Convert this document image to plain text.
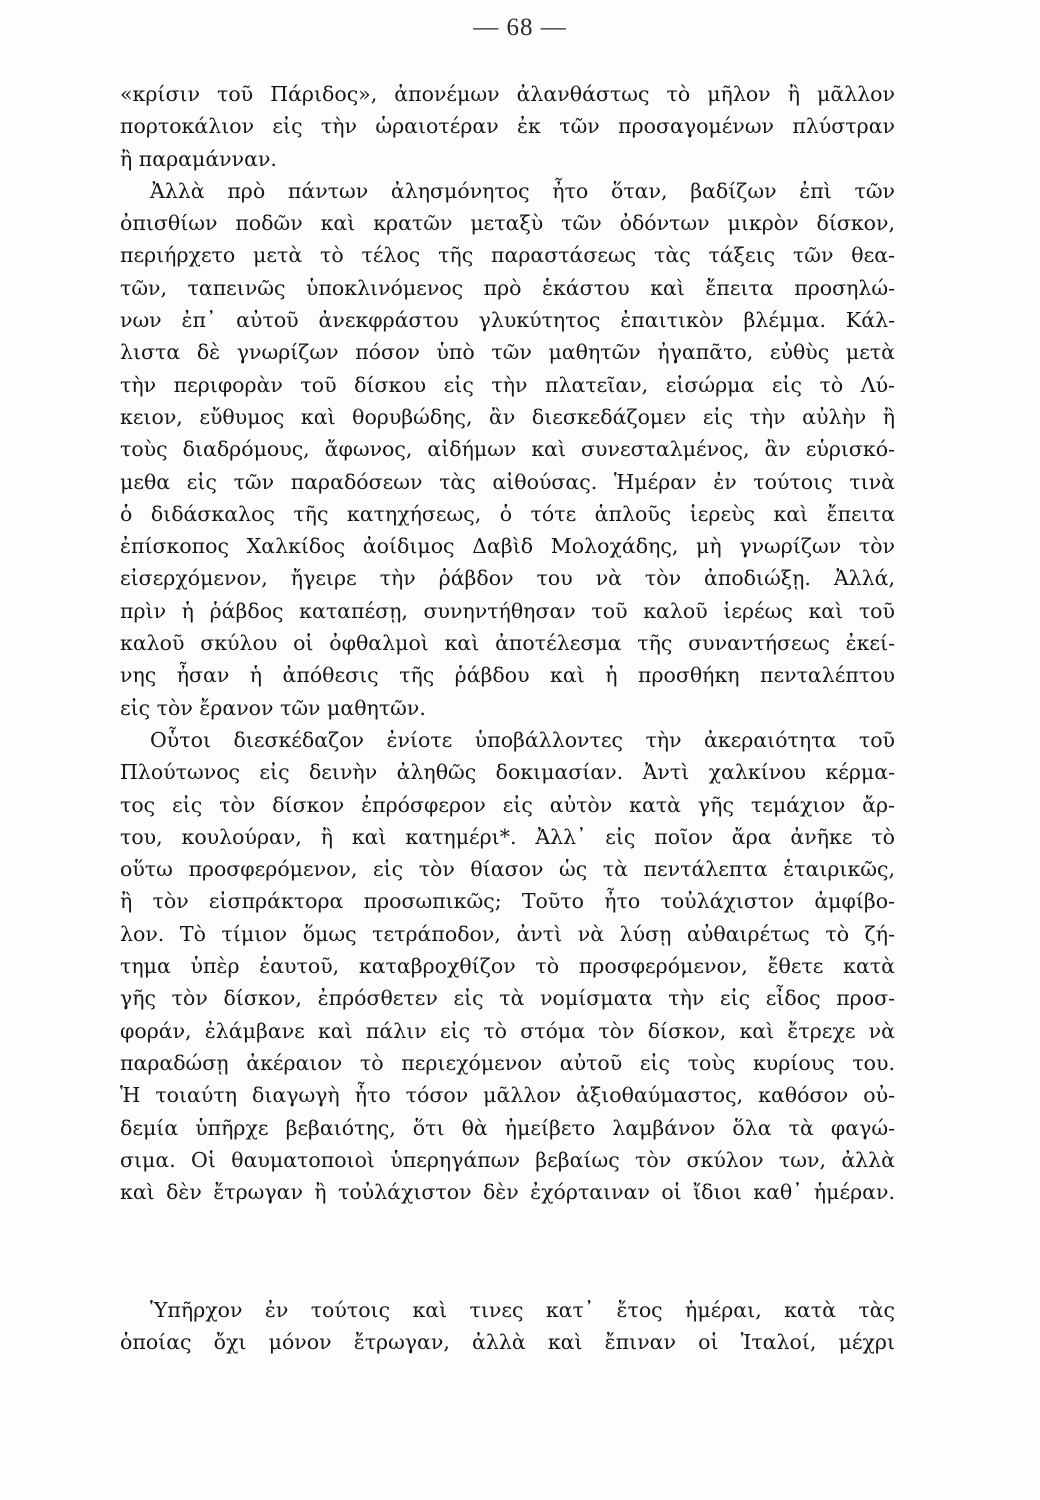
— 68 —
«κρίσιν τοῦ Πάριδος», ἀπονέμων ἀλανθάστως τὸ μῆλον ἢ μᾶλλον
πορτοκάλιον εἰς τὴν ὡραιοτέραν ἐκ τῶν προσαγομένων πλύστραν
ἢ παραμάνναν.
Ἀλλὰ πρὸ πάντων ἀλησμόνητος ἦτο ὅταν, βαδίζων ἐπὶ τῶν
ὀπισθίων ποδῶν καὶ κρατῶν μεταξὺ τῶν ὀδόντων μικρὸν δίσκον,
περιήρχετο μετὰ τὸ τέλος τῆς παραστάσεως τὰς τάξεις τῶν θεα-
τῶν, ταπεινῶς ὑποκλινόμενος πρὸ ἑκάστου καὶ ἔπειτα προσηλώ-
νων ἐπ᾽ αὐτοῦ ἀνεκφράστου γλυκύτητος ἐπαιτικὸν βλέμμα. Κάλ-
λιστα δὲ γνωρίζων πόσον ὑπὸ τῶν μαθητῶν ἠγαπᾶτο, εὐθὺς μετὰ
τὴν περιφορὰν τοῦ δίσκου εἰς τὴν πλατεῖαν, εἰσώρμα εἰς τὸ Λύ-
κειον, εὔθυμος καὶ θορυβώδης, ἂν διεσκεδάζομεν εἰς τὴν αὐλὴν ἢ
τοὺς διαδρόμους, ἄφωνος, αἰδήμων καὶ συνεσταλμένος, ἂν εὑρισκό-
μεθα εἰς τῶν παραδόσεων τὰς αἰθούσας. Ἡμέραν ἐν τούτοις τινὰ
ὁ διδάσκαλος τῆς κατηχήσεως, ὁ τότε ἁπλοῦς ἱερεὺς καὶ ἔπειτα
ἐπίσκοπος Χαλκίδος ἀοίδιμος Δαβὶδ Μολοχάδης, μὴ γνωρίζων τὸν
εἰσερχόμενον, ἤγειρε τὴν ῥάβδον του νὰ τὸν ἀποδιώξῃ. Ἀλλά,
πρὶν ἡ ῥάβδος καταπέσῃ, συνηντήθησαν τοῦ καλοῦ ἱερέως καὶ τοῦ
καλοῦ σκύλου οἱ ὀφθαλμοὶ καὶ ἀποτέλεσμα τῆς συναντήσεως ἐκεί-
νης ἦσαν ἡ ἀπόθεσις τῆς ῥάβδου καὶ ἡ προσθήκη πενταλέπτου
εἰς τὸν ἔρανον τῶν μαθητῶν.
Οὗτοι διεσκέδαζον ἐνίοτε ὑποβάλλοντες τὴν ἀκεραιότητα τοῦ
Πλούτωνος εἰς δεινὴν ἀληθῶς δοκιμασίαν. Ἀντὶ χαλκίνου κέρμα-
τος εἰς τὸν δίσκον ἐπρόσφερον εἰς αὐτὸν κατὰ γῆς τεμάχιον ἄρ-
του, κουλούραν, ἢ καὶ κατημέρι*. Ἀλλ᾽ εἰς ποῖον ἄρα ἀνῆκε τὸ
οὕτω προσφερόμενον, εἰς τὸν θίασον ὡς τὰ πεντάλεπτα ἑταιρικῶς,
ἢ τὸν εἰσπράκτορα προσωπικῶς; Τοῦτο ἦτο τοὐλάχιστον ἀμφίβο-
λον. Τὸ τίμιον ὅμως τετράποδον, ἀντὶ νὰ λύσῃ αὐθαιρέτως τὸ ζή-
τημα ὑπὲρ ἑαυτοῦ, καταβροχθίζον τὸ προσφερόμενον, ἔθετε κατὰ
γῆς τὸν δίσκον, ἐπρόσθετεν εἰς τὰ νομίσματα τὴν εἰς εἶδος προσ-
φοράν, ἐλάμβανε καὶ πάλιν εἰς τὸ στόμα τὸν δίσκον, καὶ ἔτρεχε νὰ
παραδώσῃ ἀκέραιον τὸ περιεχόμενον αὐτοῦ εἰς τοὺς κυρίους του.
Ἡ τοιαύτη διαγωγὴ ἦτο τόσον μᾶλλον ἀξιοθαύμαστος, καθόσον οὐ-
δεμία ὑπῆρχε βεβαιότης, ὅτι θὰ ἠμείβετο λαμβάνον ὅλα τὰ φαγώ-
σιμα. Οἱ θαυματοποιοὶ ὑπερηγάπων βεβαίως τὸν σκύλον των, ἀλλὰ
καὶ δὲν ἔτρωγαν ἢ τοὐλάχιστον δὲν ἐχόρταιναν οἱ ἴδιοι καθ᾽ ἡμέραν.
Ὑπῆρχον ἐν τούτοις καὶ τινες κατ᾽ ἔτος ἡμέραι, κατὰ τὰς
ὁποίας ὄχι μόνον ἔτρωγαν, ἀλλὰ καὶ ἔπιναν οἱ Ἰταλοί, μέχρι
